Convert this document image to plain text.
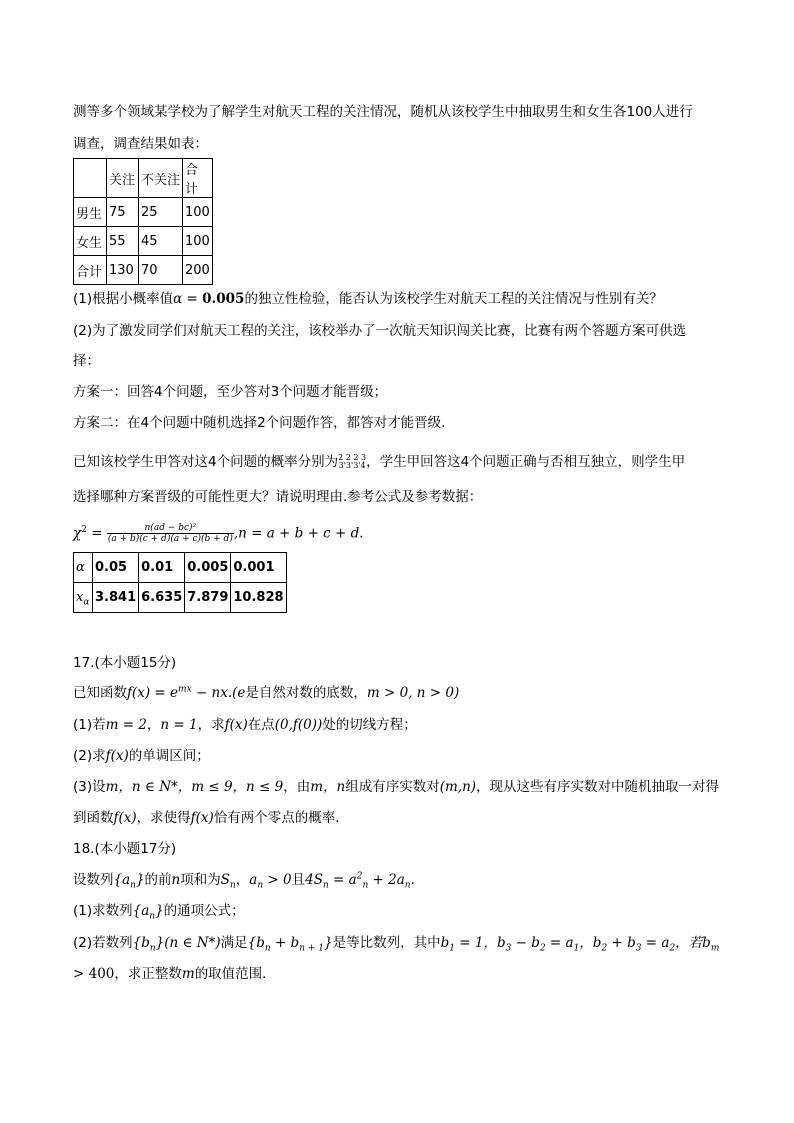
测等多个领域某学校为了解学生对航天工程的关注情况，随机从该校学生中抽取男生和女生各100人进行
调查，调查结果如表：
	关注	不关注	合计
男生	75	25	100
女生	55	45	100
合计	130	70	200
(1)根据小概率值α = 0.005的独立性检验，能否认为该校学生对航天工程的关注情况与性别有关？
(2)为了激发同学们对航天工程的关注，该校举办了一次航天知识闯关比赛，比赛有两个答题方案可供选
择：
方案一：回答4个问题，至少答对3个问题才能晋级；
方案二：在4个问题中随机选择2个问题作答，都答对才能晋级．
已知该校学生甲答对这4个问题的概率分别为 2 2 2 3
3'3'3'4 ，学生甲回答这4个问题正确与否相互独立，则学生甲
选择哪种方案晋级的可能性更大？请说明理由.参考公式及参考数据：
$\chi^2 = \frac{\text{n(ad − bc)²}}{(a + b)(c + d)(a + c)(b + d)} ,n = a + b + c + d$.
α	0.05	0.01	0.005	0.001
$x_\alpha$	3.841	6.635	7.879	10.828
17.(本小题15分)
已知函数$f(x) = e^{mx} - nx.(e$是自然对数的底数，m > 0, n > 0)
(1)若m = 2，n = 1，求f(x)在点(0,f(0))处的切线方程；
(2)求f(x)的单调区间；
(3)设m，n ∈ N*，m ≤ 9，n ≤ 9，由m，n组成有序实数对(m,n)，现从这些有序实数对中随机抽取一对得
到函数f(x)，求使得f(x)恰有两个零点的概率．
18.(本小题17分)
设数列$\{a_n\}$的前n项和为$S_n$，$a_n > 0$且$4S_n = a^2_n + 2a_n$.
(1)求数列$\{a_n\}$的通项公式；
(2)若数列$\{b_n\}(n$ ∈ N*)满足$\{b_n + b_{n + 1}\}$是等比数列，其中$b_1 = 1$，$b_3 - b_2 = a_1$，$b_2 + b_3 = a_2$，若$b_m$
> 400，求正整数m的取值范围．
